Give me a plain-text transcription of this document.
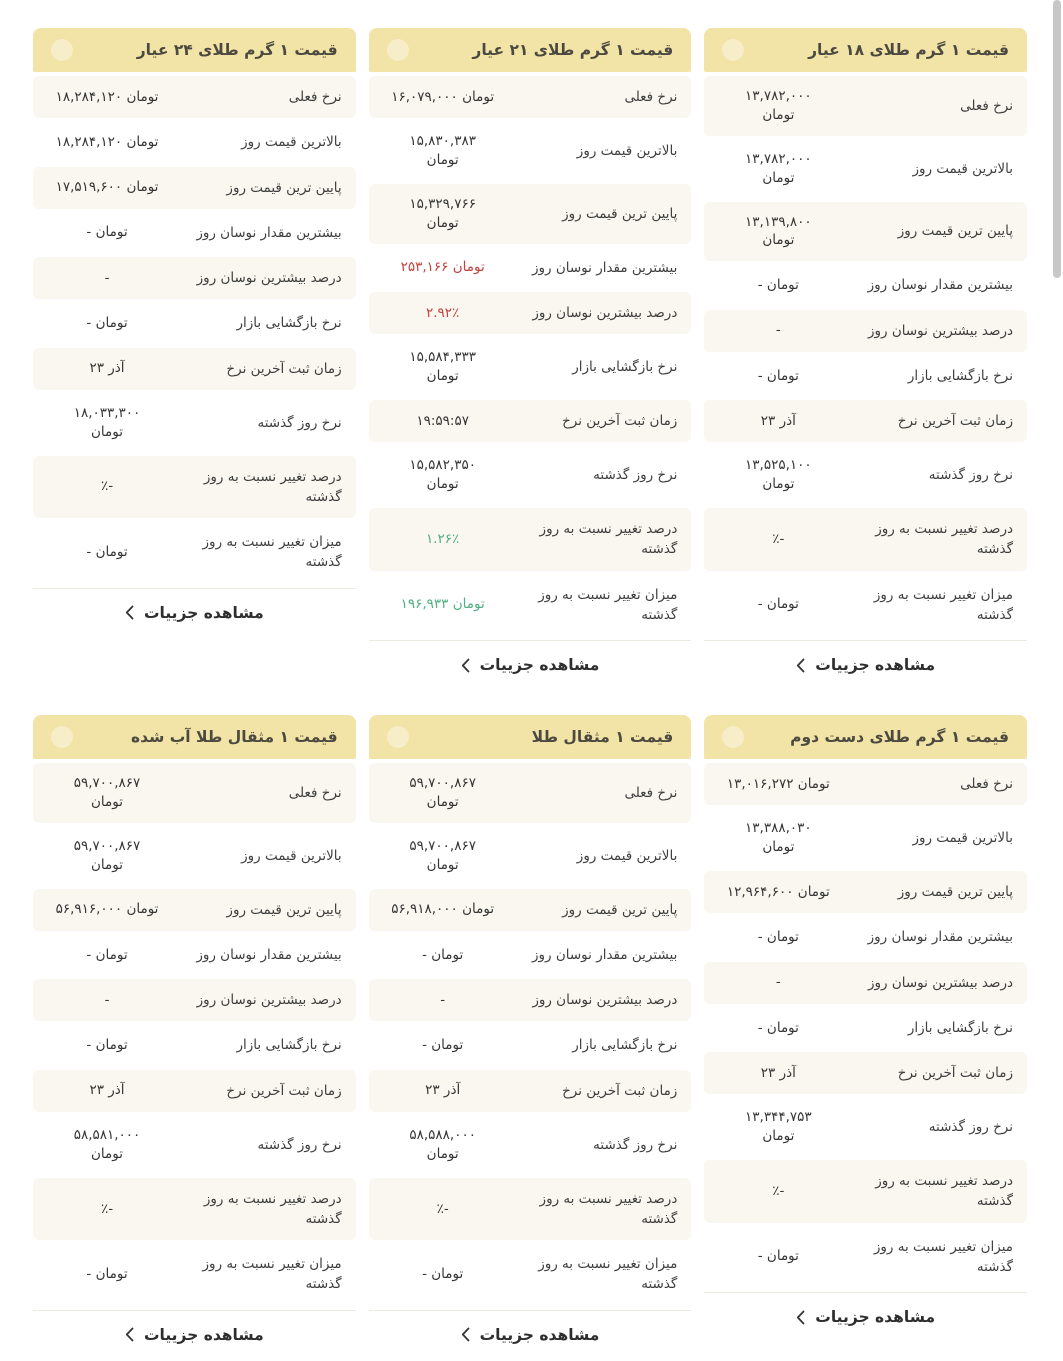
قیمت ۱ گرم طلای ۱۸ عیار
نرخ فعلی
۱۳,۷۸۲,۰۰۰
تومان
بالاترین قیمت روز
۱۳,۷۸۲,۰۰۰
تومان
پایین ترین قیمت روز
۱۳,۱۳۹,۸۰۰
تومان
بیشترین مقدار نوسان روز
- تومان
درصد بیشترین نوسان روز
-
نرخ بازگشایی بازار
- تومان
زمان ثبت آخرین نرخ
۲۳ آذر
نرخ روز گذشته
۱۳,۵۲۵,۱۰۰
تومان
درصد تغییر نسبت به روز گذشته
٪-
میزان تغییر نسبت به روز گذشته
- تومان
مشاهده جزییات
قیمت ۱ گرم طلای ۲۱ عیار
نرخ فعلی
۱۶,۰۷۹,۰۰۰ تومان
بالاترین قیمت روز
۱۵,۸۳۰,۳۸۳
تومان
پایین ترین قیمت روز
۱۵,۳۲۹,۷۶۶
تومان
بیشترین مقدار نوسان روز
۲۵۳,۱۶۶ تومان
درصد بیشترین نوسان روز
۲.۹۲٪
نرخ بازگشایی بازار
۱۵,۵۸۴,۳۳۳
تومان
زمان ثبت آخرین نرخ
۱۹:۵۹:۵۷
نرخ روز گذشته
۱۵,۵۸۲,۳۵۰
تومان
درصد تغییر نسبت به روز گذشته
۱.۲۶٪
میزان تغییر نسبت به روز گذشته
۱۹۶,۹۳۳ تومان
مشاهده جزییات
قیمت ۱ گرم طلای ۲۴ عیار
نرخ فعلی
۱۸,۲۸۴,۱۲۰ تومان
بالاترین قیمت روز
۱۸,۲۸۴,۱۲۰ تومان
پایین ترین قیمت روز
۱۷,۵۱۹,۶۰۰ تومان
بیشترین مقدار نوسان روز
- تومان
درصد بیشترین نوسان روز
-
نرخ بازگشایی بازار
- تومان
زمان ثبت آخرین نرخ
۲۳ آذر
نرخ روز گذشته
۱۸,۰۳۳,۳۰۰
تومان
درصد تغییر نسبت به روز گذشته
٪-
میزان تغییر نسبت به روز گذشته
- تومان
مشاهده جزییات
قیمت ۱ گرم طلای دست دوم
نرخ فعلی
۱۳,۰۱۶,۲۷۲ تومان
بالاترین قیمت روز
۱۳,۳۸۸,۰۳۰
تومان
پایین ترین قیمت روز
۱۲,۹۶۴,۶۰۰ تومان
بیشترین مقدار نوسان روز
- تومان
درصد بیشترین نوسان روز
-
نرخ بازگشایی بازار
- تومان
زمان ثبت آخرین نرخ
۲۳ آذر
نرخ روز گذشته
۱۳,۳۴۴,۷۵۳
تومان
درصد تغییر نسبت به روز گذشته
٪-
میزان تغییر نسبت به روز گذشته
- تومان
مشاهده جزییات
قیمت ۱ مثقال طلا
نرخ فعلی
۵۹,۷۰۰,۸۶۷
تومان
بالاترین قیمت روز
۵۹,۷۰۰,۸۶۷
تومان
پایین ترین قیمت روز
۵۶,۹۱۸,۰۰۰ تومان
بیشترین مقدار نوسان روز
- تومان
درصد بیشترین نوسان روز
-
نرخ بازگشایی بازار
- تومان
زمان ثبت آخرین نرخ
۲۳ آذر
نرخ روز گذشته
۵۸,۵۸۸,۰۰۰
تومان
درصد تغییر نسبت به روز گذشته
٪-
میزان تغییر نسبت به روز گذشته
- تومان
مشاهده جزییات
قیمت ۱ مثقال طلا آب شده
نرخ فعلی
۵۹,۷۰۰,۸۶۷
تومان
بالاترین قیمت روز
۵۹,۷۰۰,۸۶۷
تومان
پایین ترین قیمت روز
۵۶,۹۱۶,۰۰۰ تومان
بیشترین مقدار نوسان روز
- تومان
درصد بیشترین نوسان روز
-
نرخ بازگشایی بازار
- تومان
زمان ثبت آخرین نرخ
۲۳ آذر
نرخ روز گذشته
۵۸,۵۸۱,۰۰۰
تومان
درصد تغییر نسبت به روز گذشته
٪-
میزان تغییر نسبت به روز گذشته
- تومان
مشاهده جزییات
